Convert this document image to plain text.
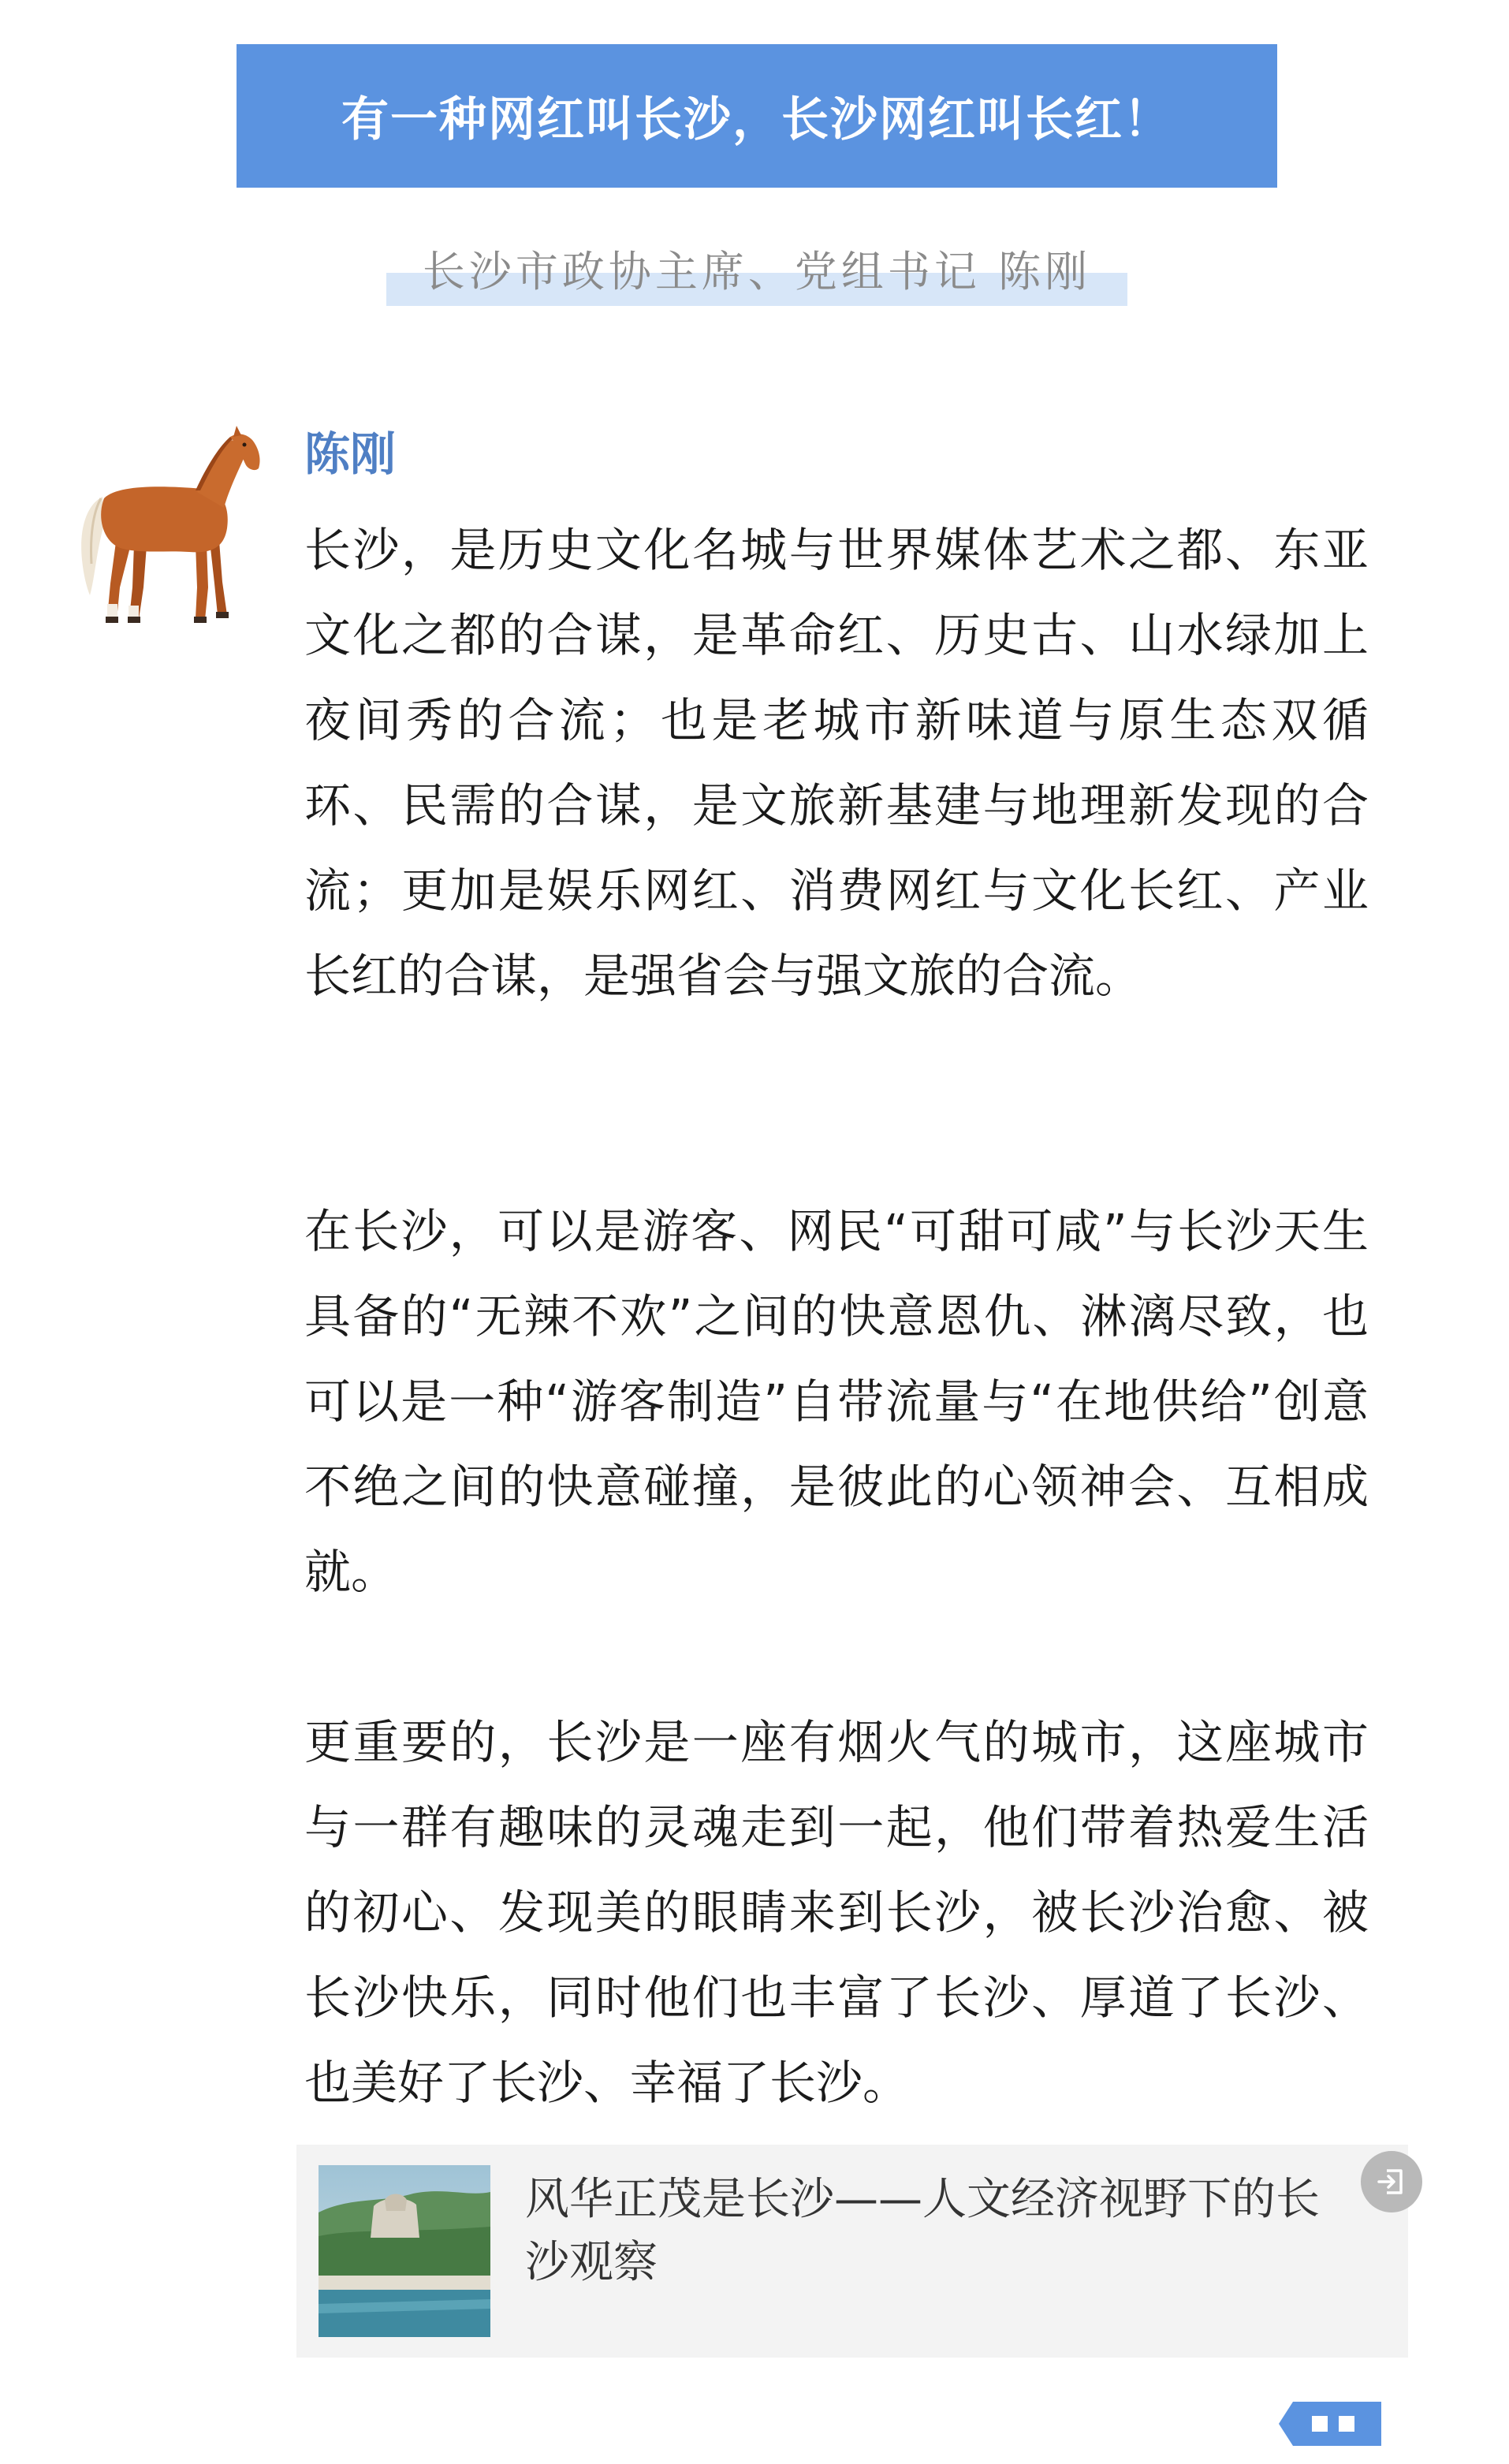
有一种网红叫长沙，长沙网红叫长红！
长沙市政协主席、党组书记 陈刚
陈刚

长沙，是历史文化名城与世界媒体艺术之都、东亚文化之都的合谋，是革命红、历史古、山水绿加上夜间秀的合流；也是老城市新味道与原生态双循环、民需的合谋，是文旅新基建与地理新发现的合流；更加是娱乐网红、消费网红与文化长红、产业长红的合谋，是强省会与强文旅的合流。

在长沙，可以是游客、网民“可甜可咸”与长沙天生具备的“无辣不欢”之间的快意恩仇、淋漓尽致，也可以是一种“游客制造”自带流量与“在地供给”创意不绝之间的快意碰撞，是彼此的心领神会、互相成就。

更重要的，长沙是一座有烟火气的城市，这座城市与一群有趣味的灵魂走到一起，他们带着热爱生活的初心、发现美的眼睛来到长沙，被长沙治愈、被长沙快乐，同时他们也丰富了长沙、厚道了长沙、也美好了长沙、幸福了长沙。

风华正茂是长沙——人文经济视野下的长沙观察
